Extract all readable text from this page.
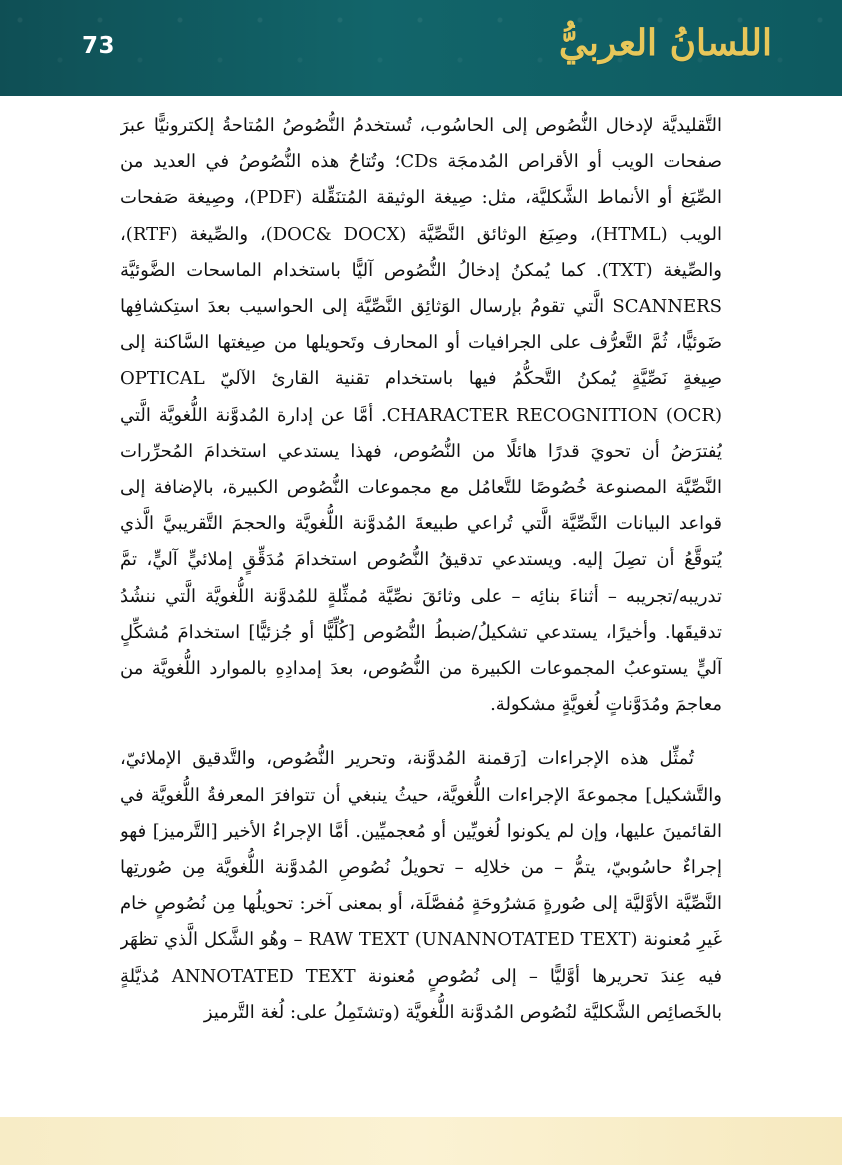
73	اللسانُ العربيُّ

التَّقليديَّة لإدخال النُّصُوص إلى الحاسُوب، تُستخدمُ النُّصُوصُ المُتاحةُ إلكترونيًّا عبرَ صفحات الويب أو الأقراص المُدمجَة CDs؛ وتُتاحُ هذه النُّصُوصُ في العديد من الصِّيَغ أو الأنماط الشَّكليَّة، مثل: صِيغة الوثيقة المُتنَقِّلة (PDF)، وصِيغة صَفحات الويب (HTML)، وصِيَغ الوثائق النَّصِّيَّة (DOC& DOCX)، والصِّيغة (RTF)، والصِّيغة (TXT). كما يُمكنُ إدخالُ النُّصُوص آليًّا باستخدام الماسحات الضَّوئيَّة SCANNERS الَّتي تقومُ بإرسال الوَثائِق النَّصِّيَّة إلى الحواسيب بعدَ استِكشافِها ضَوئيًّا، ثُمَّ التَّعرُّف على الجرافيات أو المحارف وتَحويلها من صِيغتها السَّاكنة إلى صِيغةٍ نَصِّيَّةٍ يُمكنُ التَّحكُّمُ فيها باستخدام تقنية القارئ الآليّ OPTICAL CHARACTER RECOGNITION (OCR). أمَّا عن إدارة المُدوَّنة اللُّغويَّة الَّتي يُفترَضُ أن تحويَ قدرًا هائلًا من النُّصُوص، فهذا يستدعي استخدامَ المُحرِّرات النَّصِّيَّة المصنوعة خُصُوصًا للتَّعامُل مع مجموعات النُّصُوص الكبيرة، بالإضافة إلى قواعد البيانات النَّصِّيَّة الَّتي تُراعي طبيعةَ المُدوَّنة اللُّغويَّة والحجمَ التَّقريبيَّ الَّذي يُتوقَّعُ أن تصِلَ إليه. ويستدعي تدقيقُ النُّصُوص استخدامَ مُدَقِّقٍ إملائيٍّ آليٍّ، تمَّ تدريبه/تجريبه – أثناءَ بنائِه – على وثائقَ نصِّيَّة مُمثِّلةٍ للمُدوَّنة اللُّغويَّة الَّتي ننشُدُ تدقيقَها. وأخيرًا، يستدعي تشكيلُ/ضبطُ النُّصُوص [كُلِّيًّا أو جُزئيًّا] استخدامَ مُشكِّلٍ آليٍّ يستوعبُ المجموعات الكبيرة من النُّصُوص، بعدَ إمدادِهِ بالموارد اللُّغويَّة من معاجمَ ومُدَوَّناتٍ لُغويَّةٍ مشكولة.

تُمثِّل هذه الإجراءات [رَقمنة المُدوَّنة، وتحرير النُّصُوص، والتَّدقيق الإملائيّ، والتَّشكيل] مجموعةَ الإجراءات اللُّغويَّة، حيثُ ينبغي أن تتوافرَ المعرفةُ اللُّغويَّة في القائمينَ عليها، وإن لم يكونوا لُغويِّين أو مُعجميِّين. أمَّا الإجراءُ الأخير [التَّرميز] فهو إجراءٌ حاسُوبيّ، يتمُّ – من خلالِه – تحويلُ نُصُوصِ المُدوَّنة اللُّغويَّة مِن صُورتِها النَّصِّيَّة الأوَّليَّة إلى صُورةٍ مَشرُوحَةٍ مُفصَّلَة، أو بمعنى آخر: تحويلُها مِن نُصُوصٍ خام غَيرِ مُعنونة RAW TEXT (UNANNOTATED TEXT) – وهُو الشَّكل الَّذي تظهَر فيه عِندَ تحريرها أوَّليًّا – إلى نُصُوصٍ مُعنونة ANNOTATED TEXT مُذيَّلةٍ بالخَصائِص الشَّكليَّة لنُصُوص المُدوَّنة اللُّغويَّة (وتشتَمِلُ على: لُغة التَّرميز
